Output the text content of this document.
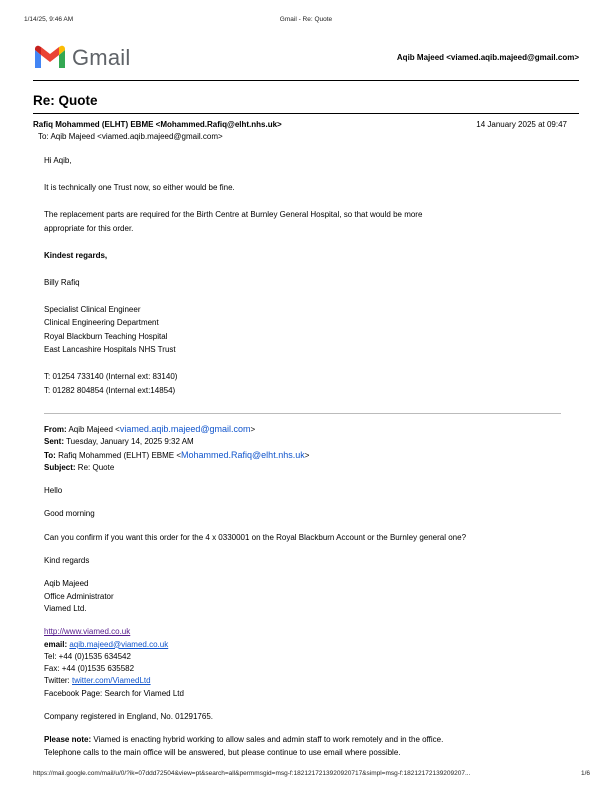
1/14/25, 9:46 AM	Gmail - Re: Quote
Gmail	Aqib Majeed <viamed.aqib.majeed@gmail.com>
Re: Quote
Rafiq Mohammed (ELHT) EBME <Mohammed.Rafiq@elht.nhs.uk>	14 January 2025 at 09:47
To: Aqib Majeed <viamed.aqib.majeed@gmail.com>

Hi Aqib,

It is technically one Trust now, so either would be fine.

The replacement parts are required for the Birth Centre at Burnley General Hospital, so that would be more

appropriate for this order.

Kindest regards,

Billy Rafiq

Specialist Clinical Engineer

Clinical Engineering Department

Royal Blackburn Teaching Hospital

East Lancashire Hospitals NHS Trust

T: 01254 733140 (Internal ext: 83140)

T: 01282 804854 (Internal ext:14854)

From: Aqib Majeed <viamed.aqib.majeed@gmail.com>

Sent: Tuesday, January 14, 2025 9:32 AM

To: Rafiq Mohammed (ELHT) EBME <Mohammed.Rafiq@elht.nhs.uk>

Subject: Re: Quote

Hello

Good morning

Can you confirm if you want this order for the 4 x 0330001 on the Royal Blackburn Account or the Burnley general one?

Kind regards

Aqib Majeed

Office Administrator

Viamed Ltd.

http://www.viamed.co.uk

email: aqib.majeed@viamed.co.uk

Tel: +44 (0)1535 634542

Fax: +44 (0)1535 635582

Twitter: twitter.com/ViamedLtd

Facebook Page: Search for Viamed Ltd

Company registered in England, No. 01291765.

Please note: Viamed is enacting hybrid working to allow sales and admin staff to work remotely and in the office.

Telephone calls to the main office will be answered, but please continue to use email where possible.

https://mail.google.com/mail/u/0/?ik=07ddd72504&view=pt&search=all&permmsgid=msg-f:1821217213920920717&simpl=msg-f:1821217213920920​7...	1/6
